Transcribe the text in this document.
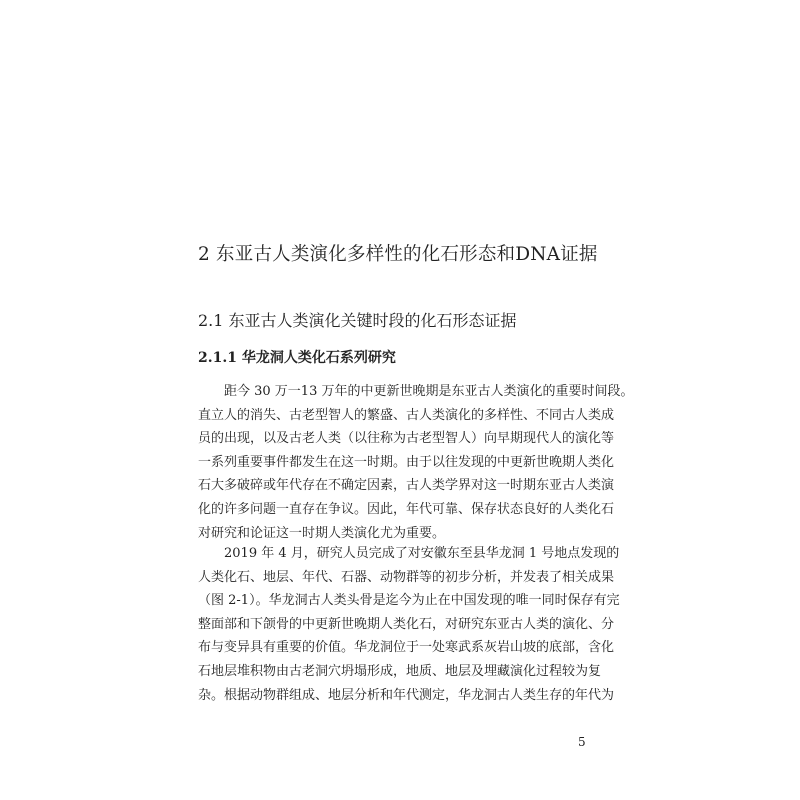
2 东亚古人类演化多样性的化石形态和DNA证据
2.1 东亚古人类演化关键时段的化石形态证据
2.1.1 华龙洞人类化石系列研究
距今 30 万一13 万年的中更新世晚期是东亚古人类演化的重要时间段。
直立人的消失、古老型智人的繁盛、古人类演化的多样性、不同古人类成
员的出现，以及古老人类（以往称为古老型智人）向早期现代人的演化等
一系列重要事件都发生在这一时期。由于以往发现的中更新世晚期人类化
石大多破碎或年代存在不确定因素，古人类学界对这一时期东亚古人类演
化的许多问题一直存在争议。因此，年代可靠、保存状态良好的人类化石
对研究和论证这一时期人类演化尤为重要。
2019 年 4 月，研究人员完成了对安徽东至县华龙洞 1 号地点发现的
人类化石、地层、年代、石器、动物群等的初步分析，并发表了相关成果
（图 2-1）。华龙洞古人类头骨是迄今为止在中国发现的唯一同时保存有完
整面部和下颌骨的中更新世晚期人类化石，对研究东亚古人类的演化、分
布与变异具有重要的价值。华龙洞位于一处寒武系灰岩山坡的底部，含化
石地层堆积物由古老洞穴坍塌形成，地质、地层及埋藏演化过程较为复
杂。根据动物群组成、地层分析和年代测定，华龙洞古人类生存的年代为
5
